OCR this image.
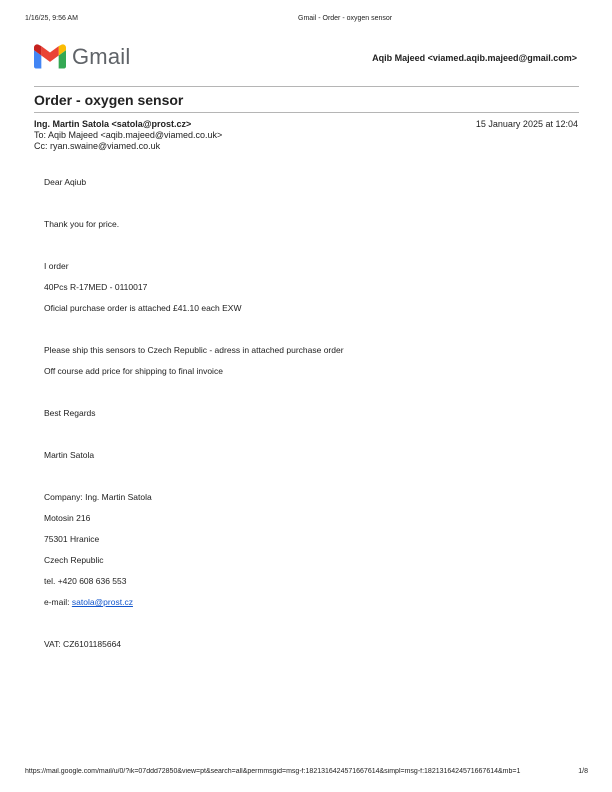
1/16/25, 9:56 AM	Gmail - Order - oxygen sensor
Gmail	Aqib Majeed <viamed.aqib.majeed@gmail.com>
Order - oxygen sensor
Ing. Martin Satola <satola@prost.cz>	15 January 2025 at 12:04
To: Aqib Majeed <aqib.majeed@viamed.co.uk>
Cc: ryan.swaine@viamed.co.uk
Dear Aqiub
Thank you for price.
I order
40Pcs R-17MED - 0110017
Oficial purchase order is attached £41.10 each EXW
Please ship this sensors to Czech Republic - adress in attached purchase order
Off course add price for shipping to final invoice
Best Regards
Martin Satola
Company: Ing. Martin Satola
Motosin 216
75301 Hranice
Czech Republic
tel. +420 608 636 553
e-mail: satola@prost.cz
VAT: CZ6101185664
https://mail.google.com/mail/u/0/?ik=07ddd72850&view=pt&search=all&permmsgid=msg-f:1821316424571667614&simpl=msg-f:1821316424571667614&mb=1	1/8
